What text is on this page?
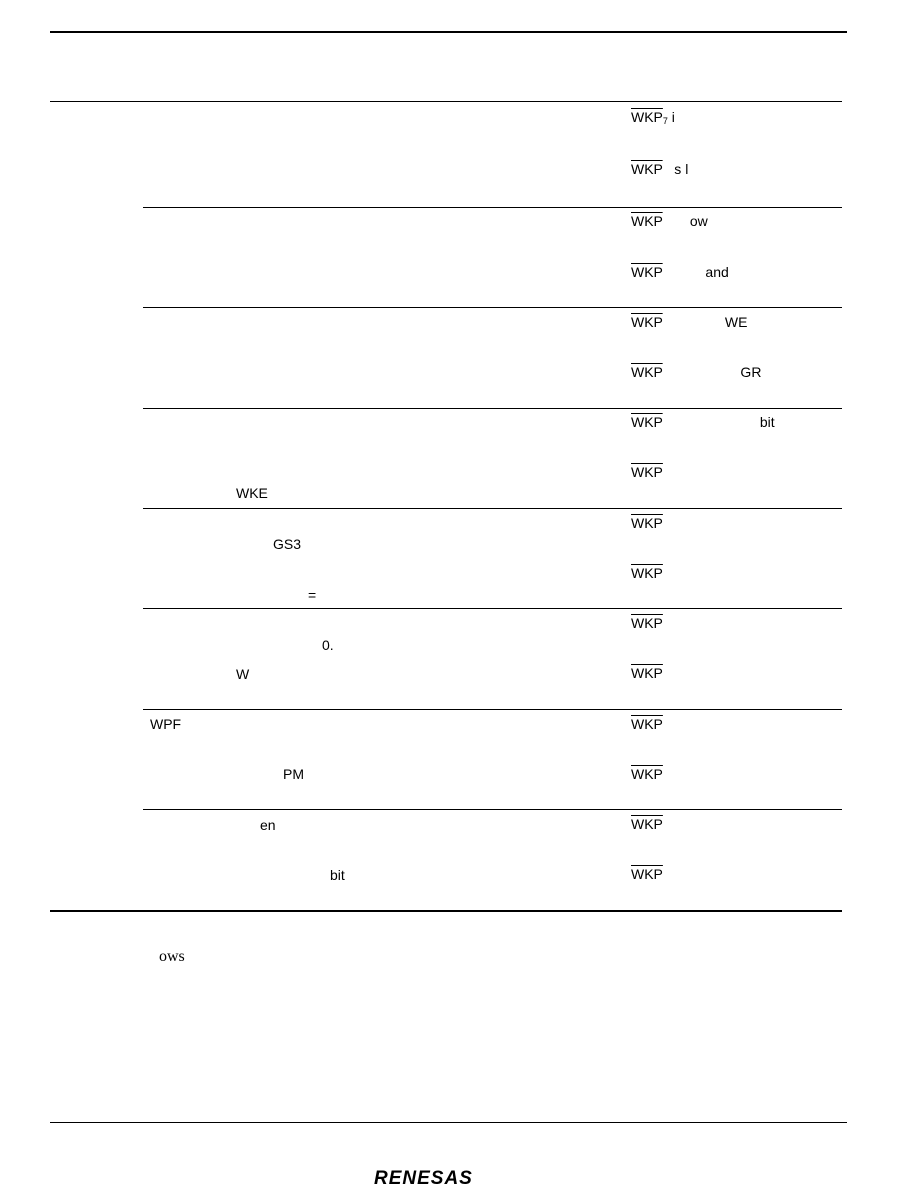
WKE
GS3
=
0.
W
WPF
PM
en
bit
$\overline{WKP}_7$ i
$\overline{WKP}$   s l
$\overline{WKP}$       ow
$\overline{WKP}$           and
$\overline{WKP}$                WE
$\overline{WKP}$                    GR
$\overline{WKP}$                         bit
$\overline{WKP}$
$\overline{WKP}$
$\overline{WKP}$
$\overline{WKP}$
$\overline{WKP}$
$\overline{WKP}$
$\overline{WKP}$
$\overline{WKP}$
$\overline{WKP}$
ows
RENESAS
